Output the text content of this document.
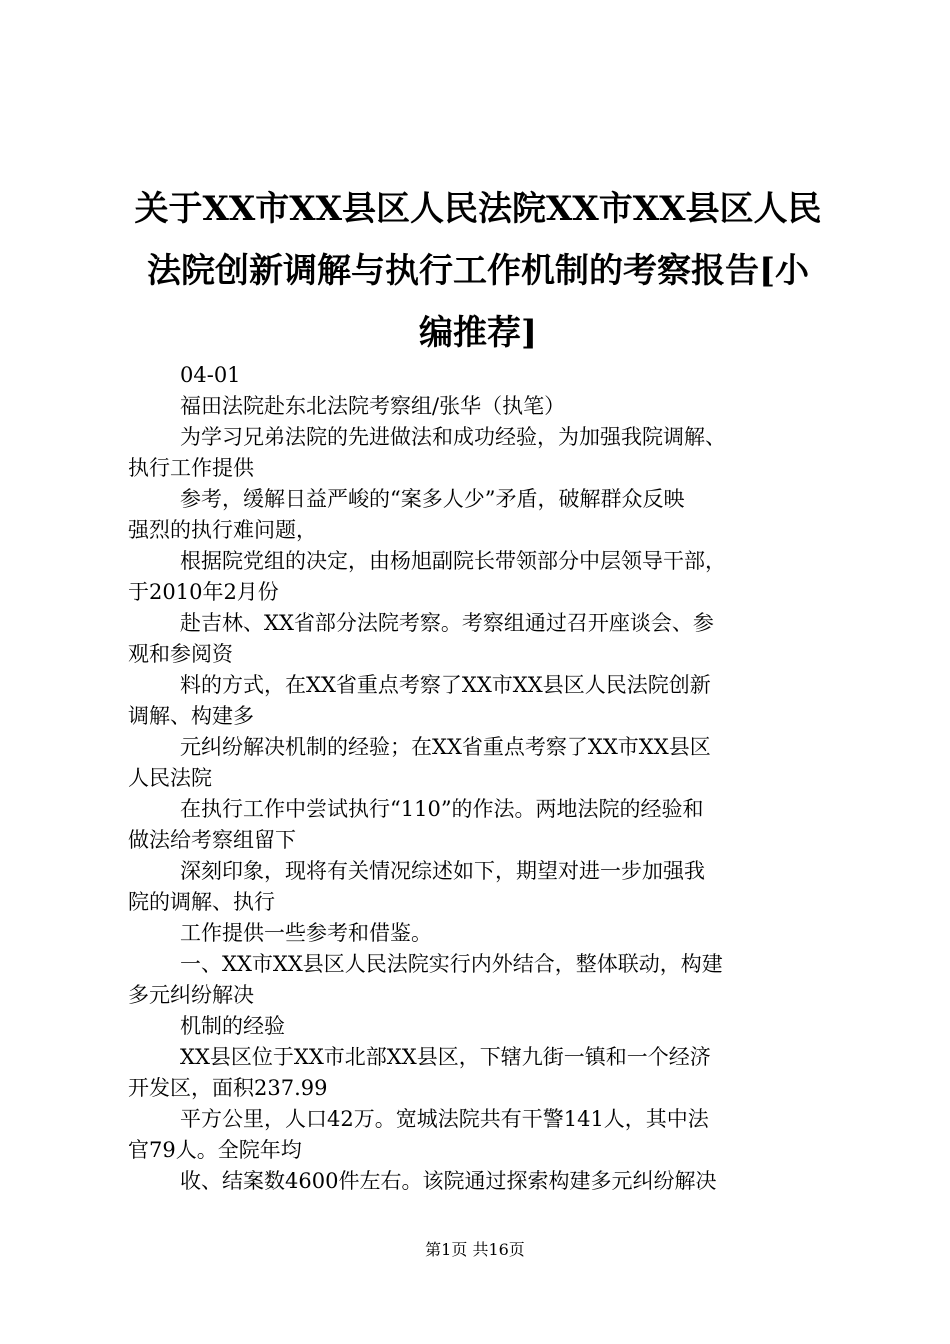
关于XX市XX县区人民法院XX市XX县区人民
法院创新调解与执行工作机制的考察报告[小
编推荐]

04-01

福田法院赴东北法院考察组/张华（执笔）

为学习兄弟法院的先进做法和成功经验，为加强我院调解、
执行工作提供

参考，缓解日益严峻的“案多人少”矛盾，破解群众反映
强烈的执行难问题，

根据院党组的决定，由杨旭副院长带领部分中层领导干部，
于2010年2月份

赴吉林、XX省部分法院考察。考察组通过召开座谈会、参
观和参阅资

料的方式，在XX省重点考察了XX市XX县区人民法院创新
调解、构建多

元纠纷解决机制的经验；在XX省重点考察了XX市XX县区
人民法院

在执行工作中尝试执行“110”的作法。两地法院的经验和
做法给考察组留下

深刻印象，现将有关情况综述如下，期望对进一步加强我
院的调解、执行

工作提供一些参考和借鉴。

一、XX市XX县区人民法院实行内外结合，整体联动，构建
多元纠纷解决

机制的经验

XX县区位于XX市北部XX县区，下辖九街一镇和一个经济
开发区，面积237.99

平方公里，人口42万。宽城法院共有干警141人，其中法
官79人。全院年均

收、结案数4600件左右。该院通过探索构建多元纠纷解决

第1页 共16页
